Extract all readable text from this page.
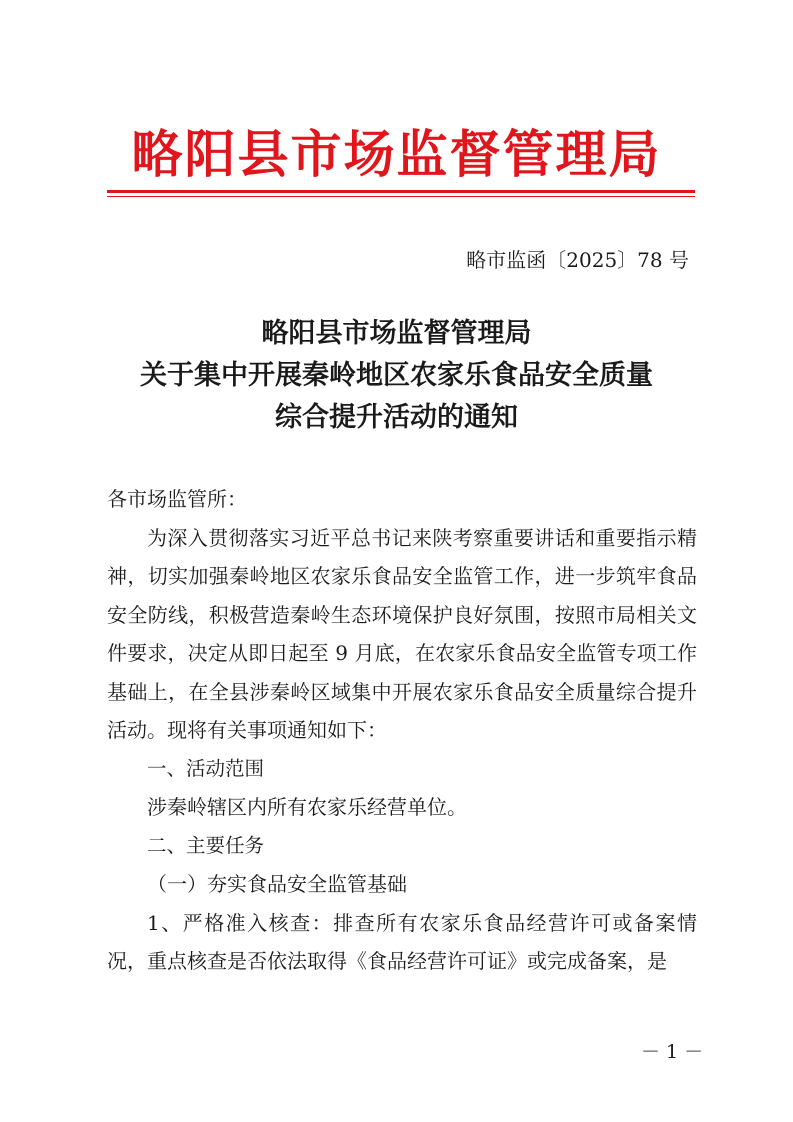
略阳县市场监督管理局
略市监函〔2025〕78 号
略阳县市场监督管理局
关于集中开展秦岭地区农家乐食品安全质量
综合提升活动的通知

各市场监管所：

为深入贯彻落实习近平总书记来陕考察重要讲话和重要指示精神，切实加强秦岭地区农家乐食品安全监管工作，进一步筑牢食品安全防线，积极营造秦岭生态环境保护良好氛围，按照市局相关文件要求，决定从即日起至 9 月底，在农家乐食品安全监管专项工作基础上，在全县涉秦岭区域集中开展农家乐食品安全质量综合提升活动。现将有关事项通知如下：

一、活动范围

涉秦岭辖区内所有农家乐经营单位。

二、主要任务

（一）夯实食品安全监管基础

1、严格准入核查：排查所有农家乐食品经营许可或备案情况，重点核查是否依法取得《食品经营许可证》或完成备案，是

－ 1 －
